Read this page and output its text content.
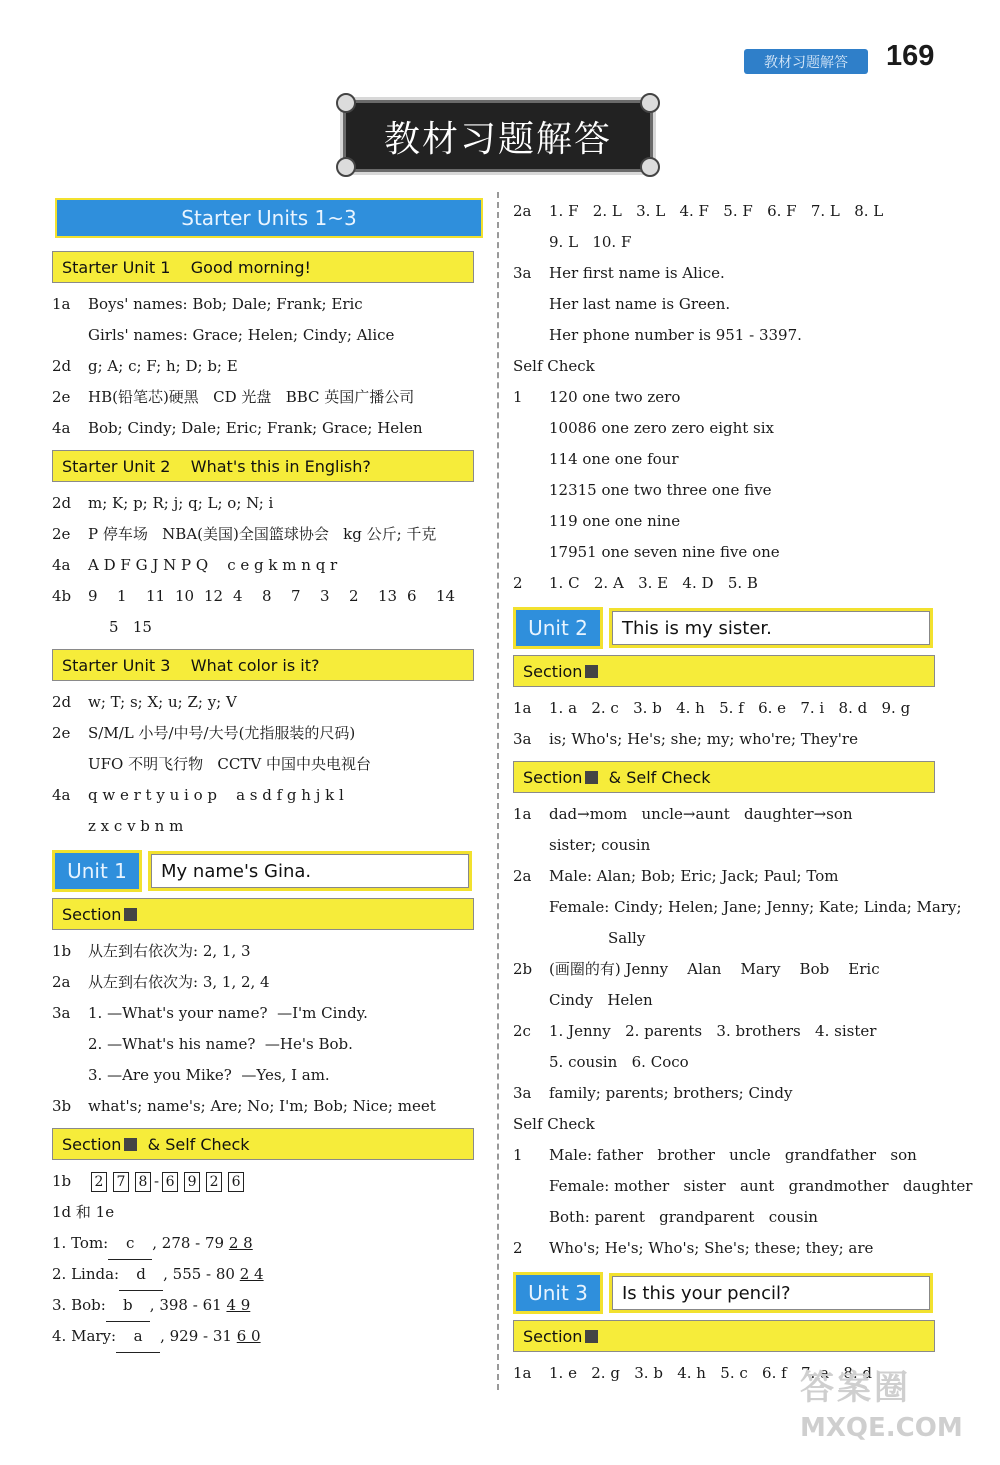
教材习题解答	169
教材习题解答
Starter Units 1~3
Starter Unit 1    Good morning!
1a Boys' names: Bob; Dale; Frank; Eric
Girls' names: Grace; Helen; Cindy; Alice
2d g; A; c; F; h; D; b; E
2e HB(铅笔芯)硬黑   CD 光盘   BBC 英国广播公司
4a Bob; Cindy; Dale; Eric; Frank; Grace; Helen
Starter Unit 2    What's this in English?
2d m; K; p; R; j; q; L; o; N; i
2e P 停车场   NBA(美国)全国篮球协会   kg 公斤; 千克
4a A D F G J N P Q    c e g k m n q r
4b 9 1 11 10 12 4 8 7 3 2 13 6 14
5   15
Starter Unit 3    What color is it?
2d w; T; s; X; u; Z; y; V
2e S/M/L 小号/中号/大号(尤指服装的尺码)
UFO 不明飞行物   CCTV 中国中央电视台
4a q w e r t y u i o p    a s d f g h j k l
z x c v b n m
Unit 1	My name's Gina.
Section
1b 从左到右依次为: 2, 1, 3
2a 从左到右依次为: 3, 1, 2, 4
3a 1. —What's your name?  —I'm Cindy.
2. —What's his name?  —He's Bob.
3. —Are you Mike?  —Yes, I am.
3b what's; name's; Are; No; I'm; Bob; Nice; meet
Section
& Self Check
1b 2 7 8 - 6 9 2 6
1d 和 1e
1. Tom: c , 278 - 79 2 8
2. Linda: d , 555 - 80 2 4
3. Bob: b , 398 - 61 4 9
4. Mary: a , 929 - 31 6 0
2a 1. F   2. L   3. L   4. F   5. F   6. F   7. L   8. L
9. L   10. F
3a Her first name is Alice.
Her last name is Green.
Her phone number is 951 - 3397.
Self Check
1 120 one two zero
10086 one zero zero eight six
114 one one four
12315 one two three one five
119 one one nine
17951 one seven nine five one
2 1. C   2. A   3. E   4. D   5. B
Unit 2	This is my sister.
Section
1a 1. a   2. c   3. b   4. h   5. f   6. e   7. i   8. d   9. g
3a is; Who's; He's; she; my; who're; They're
Section
& Self Check
1a dad→mom   uncle→aunt   daughter→son
sister; cousin
2a Male: Alan; Bob; Eric; Jack; Paul; Tom
Female: Cindy; Helen; Jane; Jenny; Kate; Linda; Mary;
Sally
2b (画圈的有) Jenny    Alan    Mary    Bob    Eric
Cindy   Helen
2c 1. Jenny   2. parents   3. brothers   4. sister
5. cousin   6. Coco
3a family; parents; brothers; Cindy
Self Check
1 Male: father   brother   uncle   grandfather   son
Female: mother   sister   aunt   grandmother   daughter
Both: parent   grandparent   cousin
2 Who's; He's; Who's; She's; these; they; are
Unit 3	Is this your pencil?
Section
1a 1. e   2. g   3. b   4. h   5. c   6. f   7. a   8. d
答案圈
MXQE.COM
